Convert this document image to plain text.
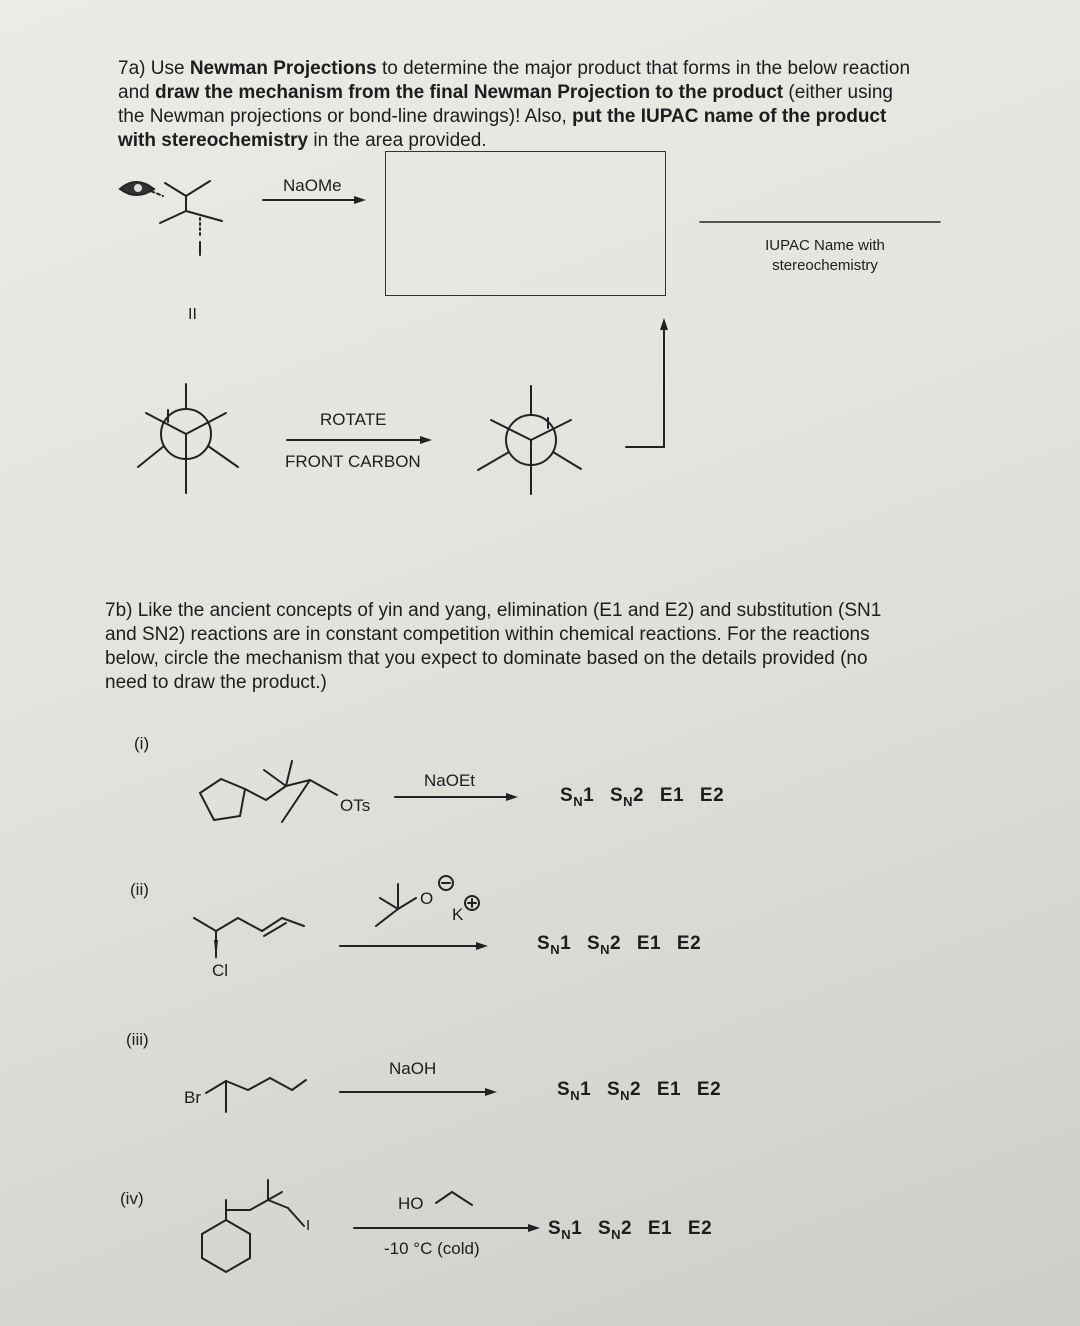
7a) Use Newman Projections to determine the major product that forms in the below reaction
and draw the mechanism from the final Newman Projection to the product (either using
the Newman projections or bond-line drawings)! Also, put the IUPAC name of the product
with stereochemistry in the area provided.
NaOMe
IUPAC Name with
stereochemistry
II
ROTATE
FRONT CARBON
7b) Like the ancient concepts of yin and yang, elimination (E1 and E2) and substitution (SN1
and SN2) reactions are in constant competition within chemical reactions. For the reactions
below, circle the mechanism that you expect to dominate based on the details provided (no
need to draw the product.)
(i)
OTs
NaOEt
$S_N1$ $S_N2$ E1 E2
(ii)
Cl
O
K
$S_N1$ $S_N2$ E1 E2
(iii)
Br
NaOH
$S_N1$ $S_N2$ E1 E2
(iv)
I
HO
-10 °C (cold)
$S_N1$ $S_N2$ E1 E2
